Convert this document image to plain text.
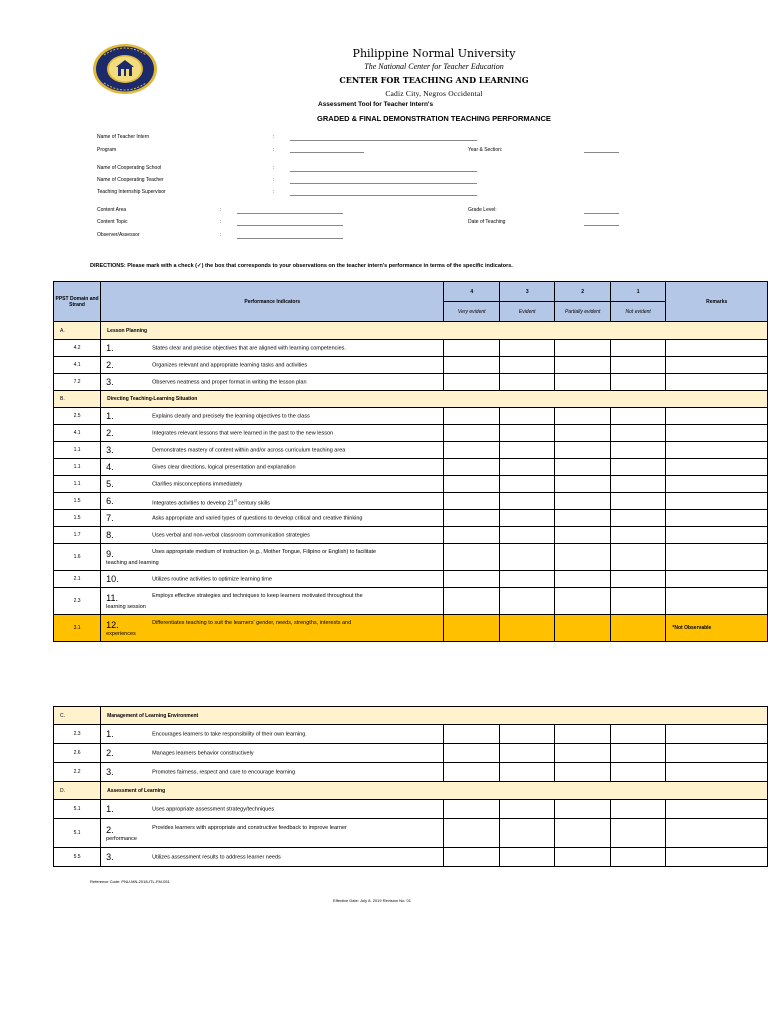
Philippine Normal University
The National Center for Teacher Education
CENTER FOR TEACHING AND LEARNING
Cadiz City, Negros Occidental
Assessment Tool for Teacher Intern's
GRADED & FINAL DEMONSTRATION TEACHING PERFORMANCE
Name of Teacher Intern	:
Program	:	Year & Section:
Name of Cooperating School	:
Name of Cooperating Teacher	:
Teaching Internship Supervisor	:
Content Area	:	Grade Level:
Content Topic	:	Date of Teaching
Observer/Assessor	:
DIRECTIONS: Please mark with a check (✓) the box that corresponds to your observations on the teacher intern's performance in terms of the specific indicators.
PPST Domain and Strand	Performance Indicators	4	3	2	1	Remarks
		Very evident	Evident	Partially evident	Not evident	
A.	Lesson Planning					
4.2	1. States clear and precise objectives that are aligned with learning competencies.					

4.1	2. Organizes relevant and appropriate learning tasks and activities					

7.2	3. Observes neatness and proper format in writing the lesson plan					

B.	Directing Teaching-Learning Situation					
2.5	1. Explains clearly and precisely the learning objectives to the class					

4.1	2. Integrates relevant lessons that were learned in the past to the new lesson					

1.1	3. Demonstrates mastery of content within and/or across curriculum teaching area					

1.1	4. Gives clear directions, logical presentation and explanation					

1.1	5. Clarifies misconceptions immediately					

1.5	6. Integrates activities to develop 21st century skills					

1.5	7. Asks appropriate and varied types of questions to develop critical and creative thinking					

1.7	8. Uses verbal and non-verbal classroom communication strategies					

1.6	9. Uses appropriate medium of instruction (e.g., Mother Tongue, Filipino or English) to facilitate
teaching and learning					

2.1	10. Utilizes routine activities to optimize learning time					

2.3	11. Employs effective strategies and techniques to keep learners motivated throughout the
learning session					

3.1	12. Differentiates teaching to suit the learners' gender, needs, strengths, interests and
experiences					*Not Observable
C.	Management of Learning Environment					
2.3	1. Encourages learners to take responsibility of their own learning.					

2.6	2. Manages learners behavior constructively					

2.2	3. Promotes fairness, respect and care to encourage learning					

D.	Assessment of Learning					
5.1	1. Uses appropriate assessment strategy/techniques					

5.1	2. Provides learners with appropriate and constructive feedback to improve learner
performance					

5.5	3. Utilizes assessment results to address learner needs					

Reference Code: PNU-MN-2018-ITL-FM-051
Effective Date: July 8, 2019 Revision No. 01
